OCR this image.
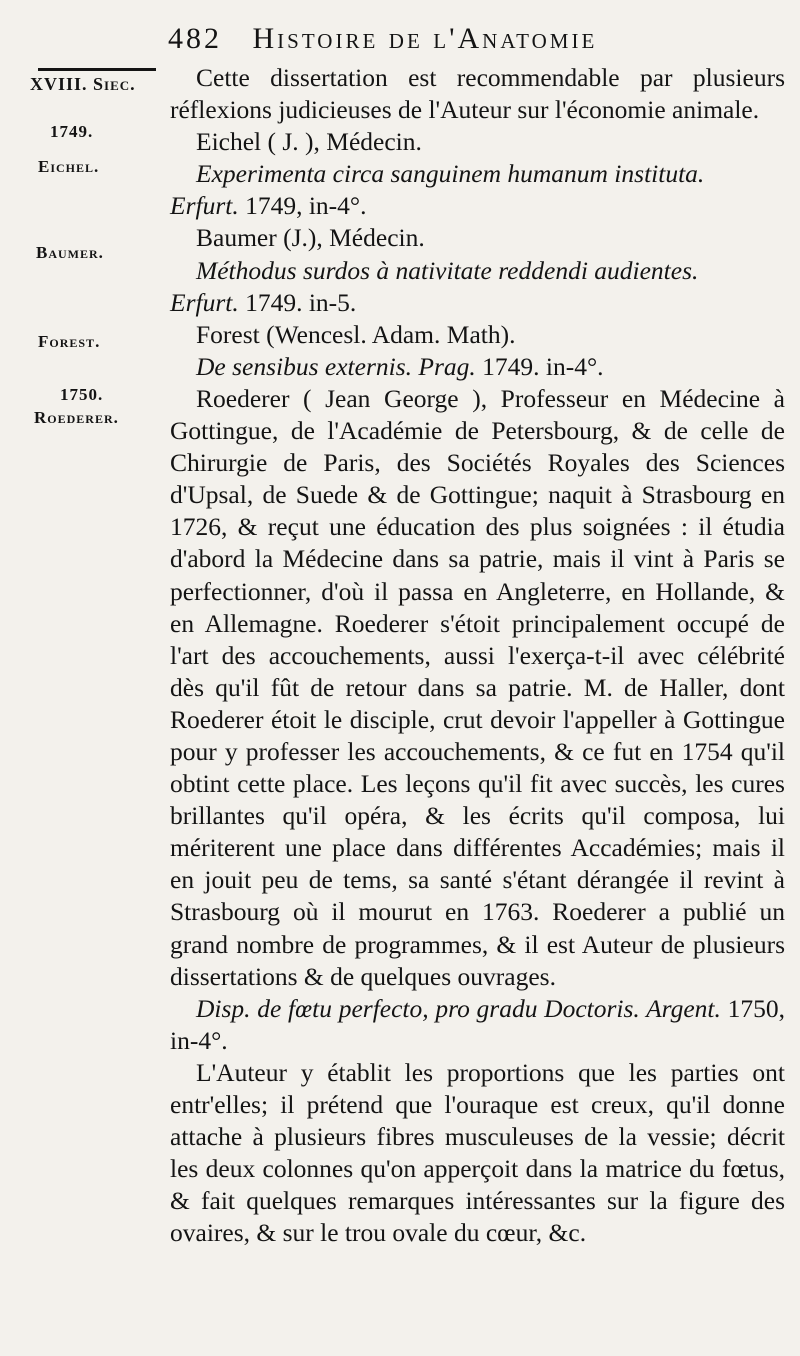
482 Histoire de l'Anatomie
XVIII. Siec.
1749.
Eichel.
Baumer.
Forest.
1750.
Roederer.

Cette dissertation est recommendable par plusieurs réflexions judicieuses de l'Auteur sur l'économie animale.

Eichel ( J. ), Médecin.

Experimenta circa sanguinem humanum instituta.

Erfurt. 1749, in-4°.

Baumer (J.), Médecin.

Méthodus surdos à nativitate reddendi audientes.

Erfurt. 1749. in-5.

Forest (Wencesl. Adam. Math).

De sensibus externis. Prag. 1749. in-4°.

Roederer ( Jean George ), Professeur en Médecine à Gottingue, de l'Académie de Petersbourg, & de celle de Chirurgie de Paris, des Sociétés Royales des Sciences d'Upsal, de Suede & de Gottingue; naquit à Strasbourg en 1726, & reçut une éducation des plus soignées : il étudia d'abord la Médecine dans sa patrie, mais il vint à Paris se perfectionner, d'où il passa en Angleterre, en Hollande, & en Allemagne. Roederer s'étoit principalement occupé de l'art des accouchements, aussi l'exerça-t-il avec célébrité dès qu'il fût de retour dans sa patrie. M. de Haller, dont Roederer étoit le disciple, crut devoir l'appeller à Gottingue pour y professer les accouchements, & ce fut en 1754 qu'il obtint cette place. Les leçons qu'il fit avec succès, les cures brillantes qu'il opéra, & les écrits qu'il composa, lui mériterent une place dans différentes Accadémies; mais il en jouit peu de tems, sa santé s'étant dérangée il revint à Strasbourg où il mourut en 1763. Roederer a publié un grand nombre de programmes, & il est Auteur de plusieurs dissertations & de quelques ouvrages.

Disp. de fœtu perfecto, pro gradu Doctoris. Argent. 1750, in-4°.

L'Auteur y établit les proportions que les parties ont entr'elles; il prétend que l'ouraque est creux, qu'il donne attache à plusieurs fibres musculeuses de la vessie; décrit les deux colonnes qu'on apperçoit dans la matrice du fœtus, & fait quelques remarques intéressantes sur la figure des ovaires, & sur le trou ovale du cœur, &c.
